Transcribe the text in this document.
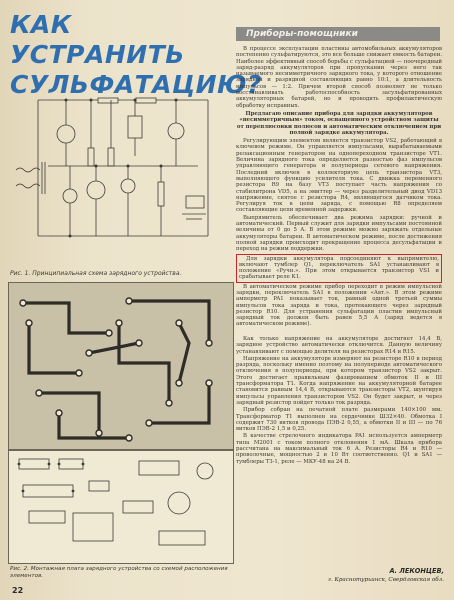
КАК УСТРАНИТЬ
СУЛЬФАТАЦИЮ?
Приборы-помощники
Рис. 1. Принципиальная схема зарядного устройства.
Рис. 2. Монтажная плата зарядного устройства со схемой расположения элементов.

В процессе эксплуатации пластины автомобильных аккумуляторов постепенно сульфатируются, это все больше снижает емкость батареи. Наиболее эффективный способ борьбы с сульфатацией — поочередный заряд-разряд аккумуляторов при пропускании через него так называемого несимметричного зарядного тока, у которого отношение зарядной и разрядной составляющих равно 10:1, а длительность импульсов — 1:2. Причем второй способ позволяет не только восстанавливать работоспособность засульфатированных аккумуляторных батарей, но и проводить профилактическую обработку исправных.

Предлагаю описание прибора для зарядки аккумуляторов «несимметричным» током, оснащенного устройством защиты от переплюсовки полюсов и автоматическим отключением при полной зарядке аккумулятора.

Регулирующим элементом является транзистор VS2, работающий в ключевом режиме. Он управляется импульсами, вырабатываемыми релаксационным генератором на однопереходном транзисторе VT1. Величина зарядного тока определяется разностью фаз импульсов управляющего генератора и полупериода сетевого напряжения. Последний включен в коллекторную цепь транзистора VT3, выполняющего функцию усилителя тока. С движка переменного резистора R9 на базу VT3 поступает часть напряжения со стабилитрона VD5, а на эмиттер — через разделительный диод VD13 напряжение, снятое с резистора R4, являющегося датчиком тока. Регулируя ток в цепи заряда, с помощью R8 определяем составляющие цепи временной задержки.

Выпрямитель обеспечивает два режима зарядки: ручной и автоматический. Первый служит для зарядки импульсами постоянной величины от 0 до 5 А. В этом режиме можно заряжать отдельные аккумуляторы батареи. В автоматическом режиме, после достижения полной зарядки происходит прекращение процесса десульфатации и переход на режим поддержки.

Для зарядки аккумулятора подсоединяют к выпрямителю, включают тумблер Q1, переключатель SA1 устанавливают в положение «Ручн.». При этом открывается транзистор VS1 и срабатывает реле К1.

В автоматическом режиме прибор переходит в режим импульсной зарядки, переключатель SA1 в положении «Авт.». В этом режиме амперметр PA1 показывает ток, равный одной третьей суммы импульсов тока заряда и тока, протекающего через зарядный резистор R10. Для устранения сульфатации пластин импульсный зарядный ток должен быть равен 5,5 А (заряд ведется в автоматическом режиме).

Как только напряжение на аккумуляторе достигнет 14,4 В, зарядное устройство автоматически отключится. Данную величину устанавливают с помощью делителя на резисторах R14 и R15.

Напряжение на аккумуляторе измеряют на резисторе R10 в период разряда, поскольку именно поэтому на полупериоде автоматического отключения в полупериоды, при котором транзистор VS2 закрыт. Этого достигает правильным фазированием обмоток II и III трансформатора T1. Когда напряжение на аккумуляторной батарее становится равным 14,4 В, открываются транзисторы VT2, шунтируя импульсы управления транзистором VS2. Он будет закрыт, и через зарядный резистор пойдет только ток разряда.

Прибор собран на печатной плате размерами 140×100 мм. Трансформатор T1 выполнен на сердечнике Ш32×40. Обмотка I содержит 730 витков провода ПЭВ-2 0,55, а обмотки II и III — по 76 витков ПЭВ-2 1,5 и 0,25.

В качестве стрелочного индикатора PA1 используется амперметр типа М2001 с током полного отклонения 1 мА. Шкала прибора рассчитана на максимальный ток 6 А. Резисторы R4 и R10 — проволочные, мощностью 2 и 10 Вт соответственно. Q1 и SA1 — тумблеры ТЗ-1, реле — МКУ-48 на 24 В.

А. ЛЕКОНЦЕВ,
г. Краснотурьинск, Свердловская обл.
22
